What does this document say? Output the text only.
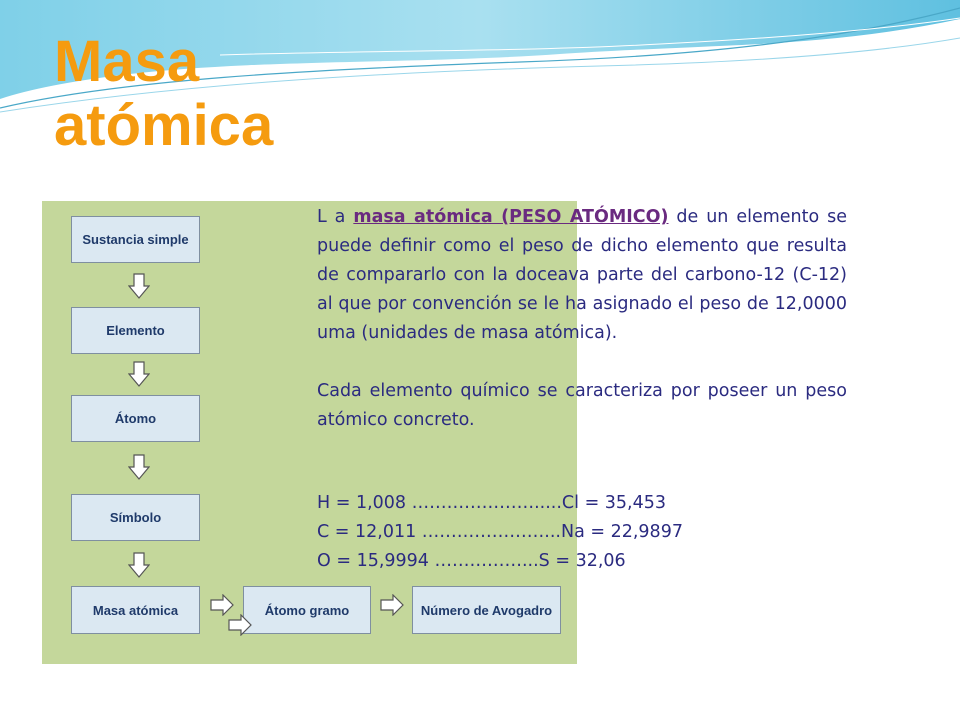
Masa
atómica
Sustancia simple
Elemento
Átomo
Símbolo
Masa atómica	Átomo gramo	Número de Avogadro

L a masa atómica (PESO ATÓMICO) de un elemento se puede definir como el peso de dicho elemento que resulta de compararlo con la doceava parte del carbono-12 (C-12) al que por convención se le ha asignado el peso de 12,0000 uma (unidades de masa atómica).

Cada elemento químico se caracteriza por poseer un peso atómico concreto.

H = 1,008 ………………….....Cl = 35,453
C = 12,011 …………………...Na = 22,9897
O = 15,9994 ……………...S = 32,06
